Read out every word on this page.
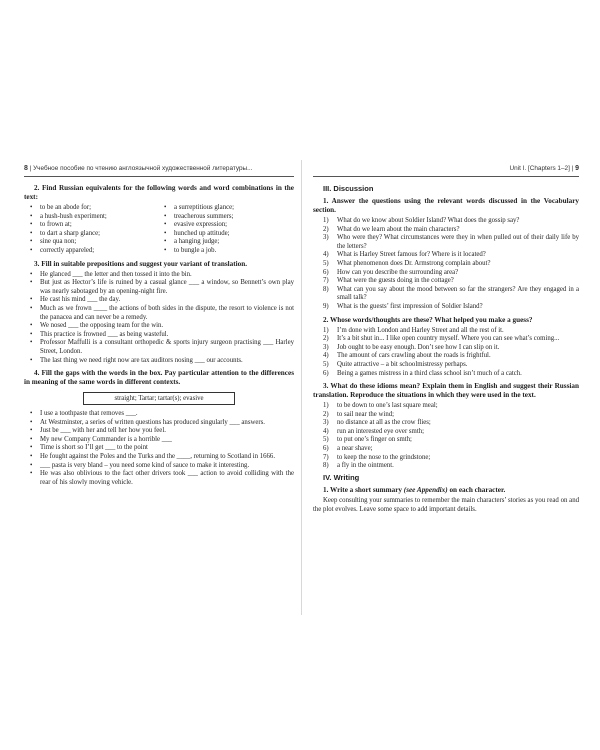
8 | Учебное пособие по чтению англоязычной художественной литературы...
2. Find Russian equivalents for the following words and word combinations in the text:
• to be an abode for;	• a surreptitious glance;
• a hush-hush experiment;	• treacherous summers;
• to frown at;	• evasive expression;
• to dart a sharp glance;	• hunched up attitude;
• sine qua non;	• a hanging judge;
• correctly appareled;	• to bungle a job.
3. Fill in suitable prepositions and suggest your variant of translation.
• He glanced ___ the letter and then tossed it into the bin.
• But just as Hector’s life is ruined by a casual glance ___ a window, so Bennett’s own play was nearly sabotaged by an opening-night fire.
• He cast his mind ___ the day.
• Much as we frown ____ the actions of both sides in the dispute, the resort to violence is not the panacea and can never be a remedy.
• We nosed ___ the opposing team for the win.
• This practice is frowned ___ as being wasteful.
• Professor Maffulli is a consultant orthopedic & sports injury surgeon practising ___ Harley Street, London.
• The last thing we need right now are tax auditors nosing ___ our accounts.
4. Fill the gaps with the words in the box. Pay particular attention to the differences in meaning of the same words in different contexts.
straight; Tartar; tartar(s); evasive
• I use a toothpaste that removes ___.
• At Westminster, a series of written questions has produced singularly ___ answers.
• Just be ___ with her and tell her how you feel.
• My new Company Commander is a horrible ___
• Time is short so I’ll get ___ to the point
• He fought against the Poles and the Turks and the ____, returning to Scotland in 1666.
• ___ pasta is very bland – you need some kind of sauce to make it interesting.
• He was also oblivious to the fact other drivers took ___ action to avoid colliding with the rear of his slowly moving vehicle.
Unit I. [Chapters 1–2] | 9
III. Discussion
1. Answer the questions using the relevant words discussed in the Vocabulary section.
1) What do we know about Soldier Island? What does the gossip say?
2) What do we learn about the main characters?
3) Who were they? What circumstances were they in when pulled out of their daily life by the letters?
4) What is Harley Street famous for? Where is it located?
5) What phenomenon does Dr. Armstrong complain about?
6) How can you describe the surrounding area?
7) What were the guests doing in the cottage?
8) What can you say about the mood between so far the strangers? Are they engaged in a small talk?
9) What is the guests’ first impression of Soldier Island?
2. Whose words/thoughts are these? What helped you make a guess?
1) I’m done with London and Harley Street and all the rest of it.
2) It’s a bit shut in... I like open country myself. Where you can see what’s coming...
3) Job ought to be easy enough. Don’t see how I can slip on it.
4) The amount of cars crawling about the roads is frightful.
5) Quite attractive – a bit schoolmistressy perhaps.
6) Being a games mistress in a third class school isn’t much of a catch.
3. What do these idioms mean? Explain them in English and suggest their Russian translation. Reproduce the situations in which they were used in the text.
1) to be down to one’s last square meal;
2) to sail near the wind;
3) no distance at all as the crow flies;
4) run an interested eye over smth;
5) to put one’s finger on smth;
6) a near shave;
7) to keep the nose to the grindstone;
8) a fly in the ointment.
IV. Writing
1. Write a short summary (see Appendix) on each character.

Keep consulting your summaries to remember the main characters’ stories as you read on and the plot evolves. Leave some space to add important details.
